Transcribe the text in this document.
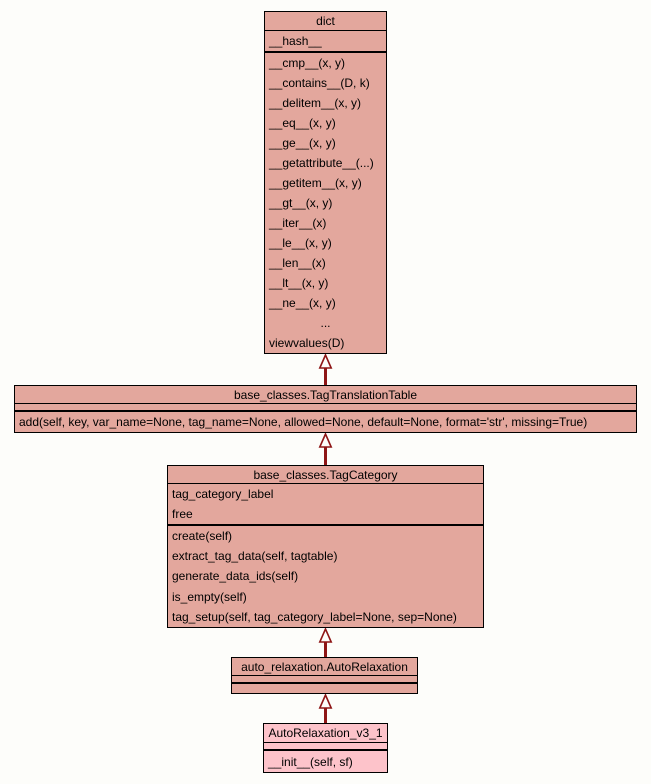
dict
__hash__
__cmp__(x, y)
__contains__(D, k)
__delitem__(x, y)
__eq__(x, y)
__ge__(x, y)
__getattribute__(...)
__getitem__(x, y)
__gt__(x, y)
__iter__(x)
__le__(x, y)
__len__(x)
__lt__(x, y)
__ne__(x, y)
...
viewvalues(D)
base_classes.TagTranslationTable
add(self, key, var_name=None, tag_name=None, allowed=None, default=None, format='str', missing=True)
base_classes.TagCategory
tag_category_label
free
create(self)
extract_tag_data(self, tagtable)
generate_data_ids(self)
is_empty(self)
tag_setup(self, tag_category_label=None, sep=None)
auto_relaxation.AutoRelaxation
AutoRelaxation_v3_1
__init__(self, sf)
